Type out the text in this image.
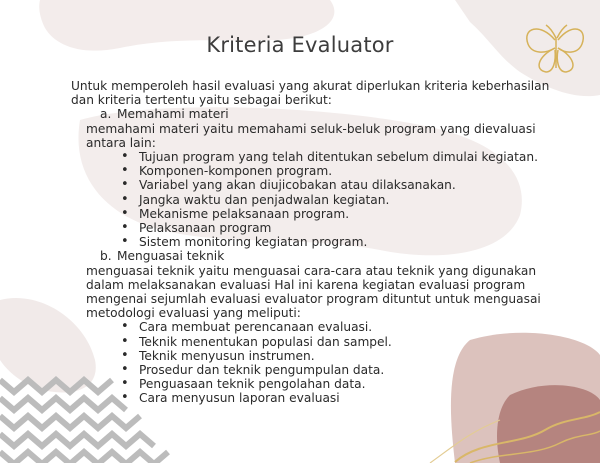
Kriteria Evaluator

Untuk memperoleh hasil evaluasi yang akurat diperlukan kriteria keberhasilan dan kriteria tertentu yaitu sebagai berikut:

a. Memahami materi

memahami materi yaitu memahami seluk-beluk program yang dievaluasi antara lain:

• Tujuan program yang telah ditentukan sebelum dimulai kegiatan.
• Komponen-komponen program.
• Variabel yang akan diujicobakan atau dilaksanakan.
• Jangka waktu dan penjadwalan kegiatan.
• Mekanisme pelaksanaan program.
• Pelaksanaan program
• Sistem monitoring kegiatan program.

b. Menguasai teknik

menguasai teknik yaitu menguasai cara-cara atau teknik yang digunakan dalam melaksanakan evaluasi Hal ini karena kegiatan evaluasi program mengenai sejumlah evaluasi evaluator program dituntut untuk menguasai metodologi evaluasi yang meliputi:

• Cara membuat perencanaan evaluasi.
• Teknik menentukan populasi dan sampel.
• Teknik menyusun instrumen.
• Prosedur dan teknik pengumpulan data.
• Penguasaan teknik pengolahan data.
• Cara menyusun laporan evaluasi
